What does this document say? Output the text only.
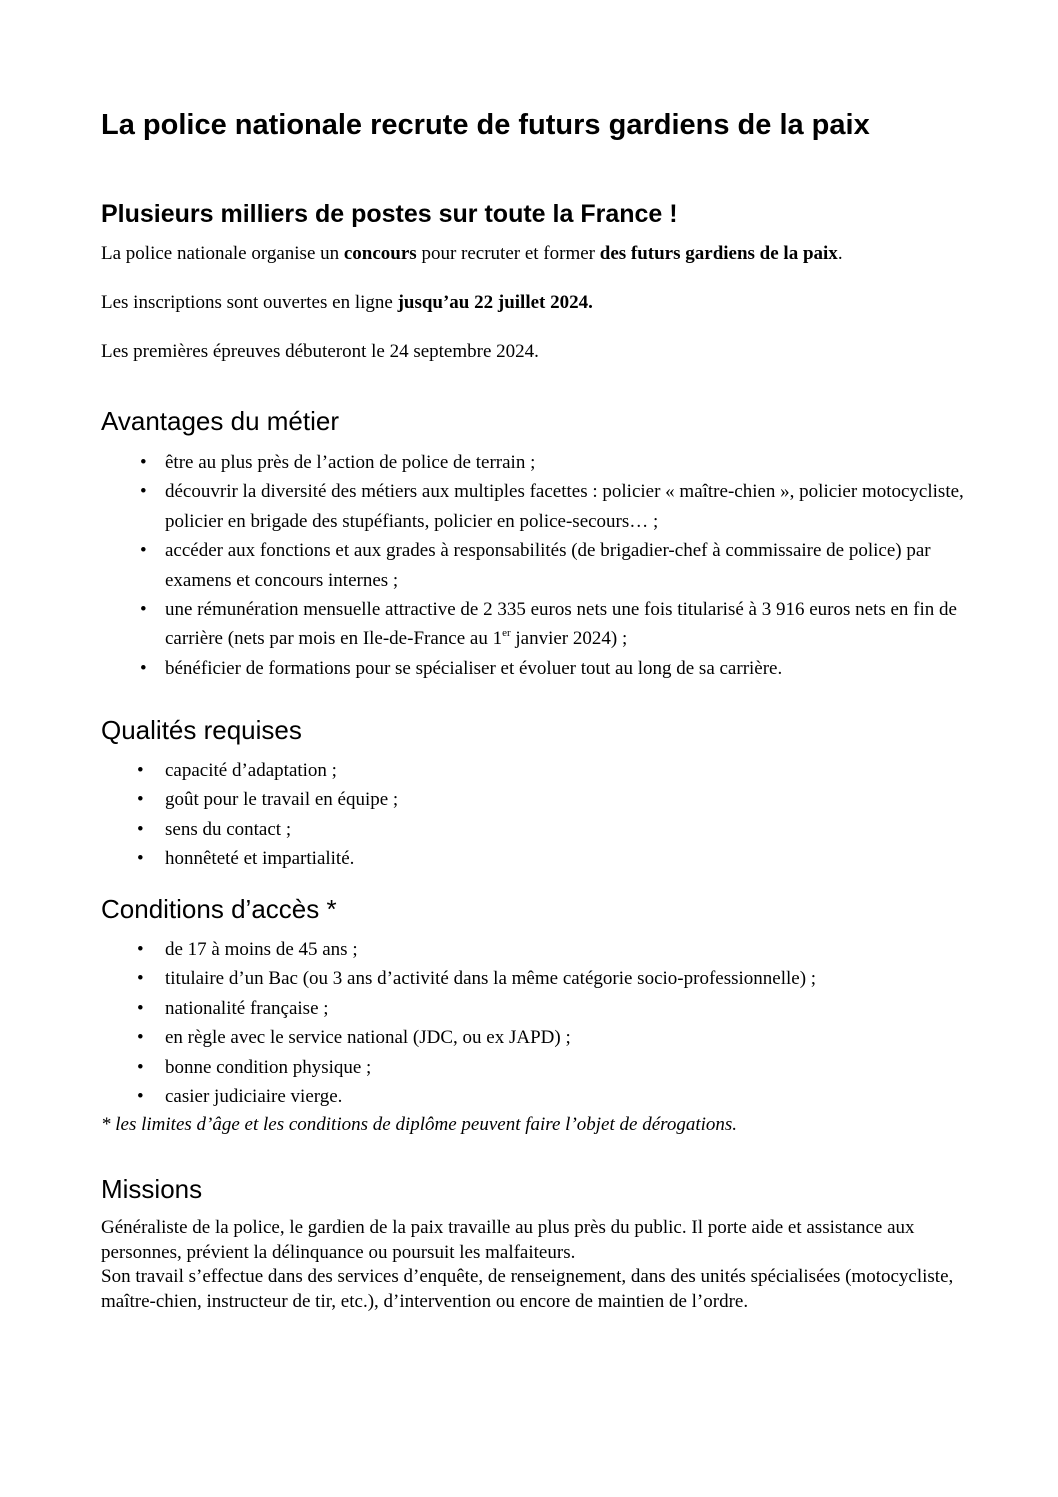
La police nationale recrute de futurs gardiens de la paix
Plusieurs milliers de postes sur toute la France !

La police nationale organise un concours pour recruter et former des futurs gardiens de la paix.

Les inscriptions sont ouvertes en ligne jusqu’au 22 juillet 2024.

Les premières épreuves débuteront le 24 septembre 2024.

Avantages du métier
• être au plus près de l’action de police de terrain ;
• découvrir la diversité des métiers aux multiples facettes : policier « maître-chien », policier motocycliste, policier en brigade des stupéfiants, policier en police-secours… ;
• accéder aux fonctions et aux grades à responsabilités (de brigadier-chef à commissaire de police) par examens et concours internes ;
• une rémunération mensuelle attractive de 2 335 euros nets une fois titularisé à 3 916 euros nets en fin de carrière (nets par mois en Ile-de-France au 1er janvier 2024) ;
• bénéficier de formations pour se spécialiser et évoluer tout au long de sa carrière.
Qualités requises
• capacité d’adaptation ;
• goût pour le travail en équipe ;
• sens du contact ;
• honnêteté et impartialité.
Conditions d’accès *
• de 17 à moins de 45 ans ;
• titulaire d’un Bac (ou 3 ans d’activité dans la même catégorie socio-professionnelle) ;
• nationalité française ;
• en règle avec le service national (JDC, ou ex JAPD) ;
• bonne condition physique ;
• casier judiciaire vierge.

* les limites d’âge et les conditions de diplôme peuvent faire l’objet de dérogations.

Missions
Généraliste de la police, le gardien de la paix travaille au plus près du public. Il porte aide et assistance aux personnes, prévient la délinquance ou poursuit les malfaiteurs.
Son travail s’effectue dans des services d’enquête, de renseignement, dans des unités spécialisées (motocycliste, maître-chien, instructeur de tir, etc.), d’intervention ou encore de maintien de l’ordre.
